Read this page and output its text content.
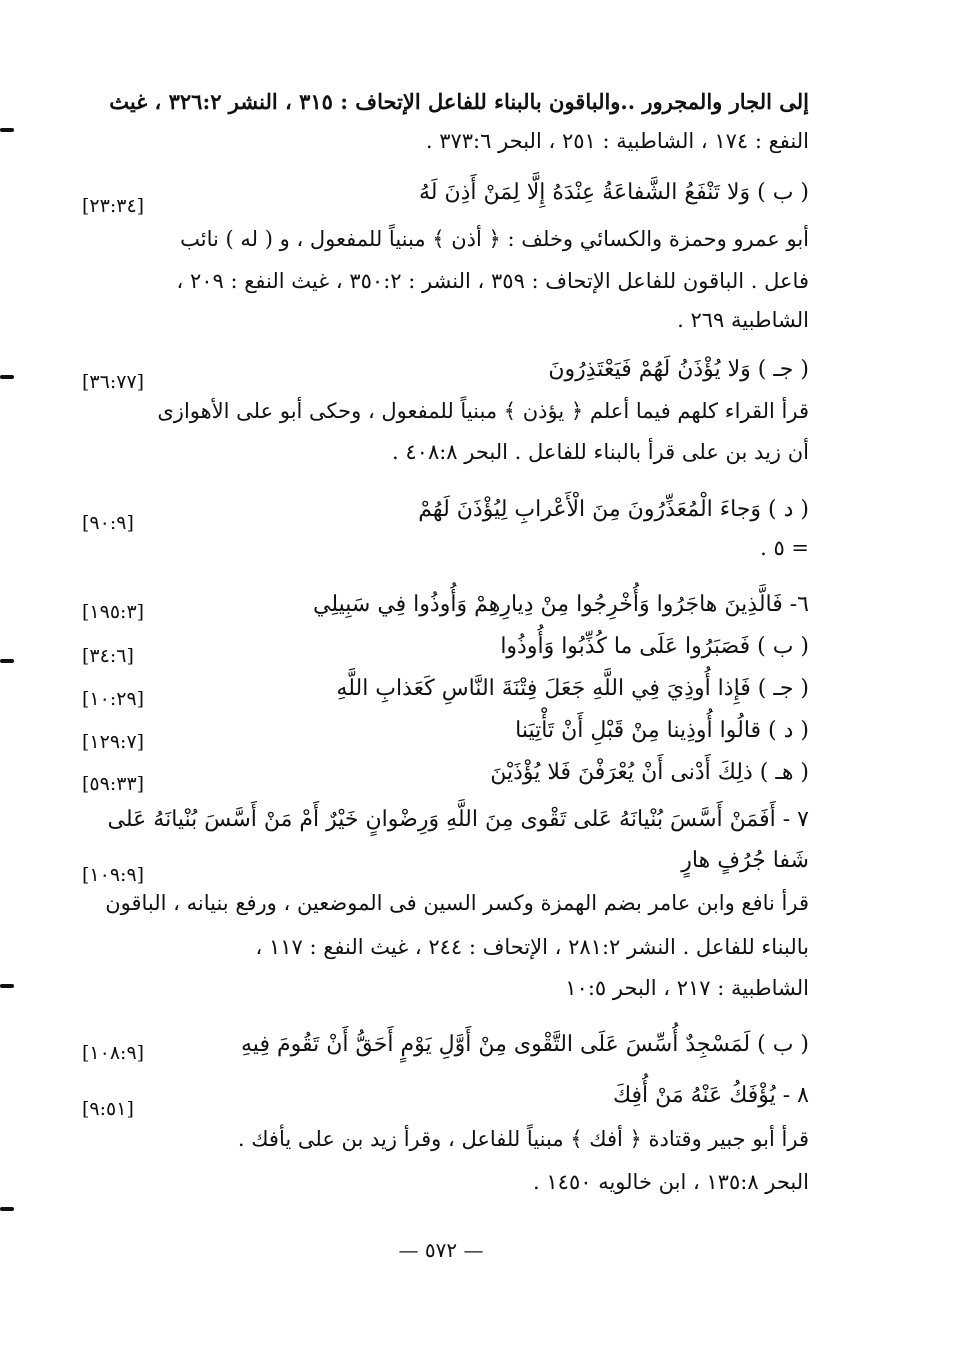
إلى الجار والمجرور ..والباقون بالبناء للفاعل الإتحاف : ٣١٥ ، النشر ٣٢٦:٢ ، غيث
النفع : ١٧٤ ، الشاطبية : ٢٥١ ، البحر ٣٧٣:٦ .
( ب ) وَلا تَنْفَعُ الشَّفاعَةُ عِنْدَهُ إِلَّا لِمَنْ أَذِنَ لَهُ
[٢٣:٣٤]
أبو عمرو وحمزة والكسائي وخلف : ﴿ أذن ﴾ مبنياً للمفعول ، و ( له ) نائب
فاعل . الباقون للفاعل الإتحاف : ٣٥٩ ، النشر : ٣٥٠:٢ ، غيث النفع : ٢٠٩ ،
الشاطبية ٢٦٩ .
( جـ ) وَلا يُؤْذَنُ لَهُمْ فَيَعْتَذِرُونَ
[٣٦:٧٧]
قرأ القراء كلهم فيما أعلم ﴿ يؤذن ﴾ مبنياً للمفعول ، وحكى أبو على الأهوازى
أن زيد بن على قرأ بالبناء للفاعل . البحر ٤٠٨:٨ .
( د ) وَجاءَ الْمُعَذِّرُونَ مِنَ الْأَعْرابِ لِيُؤْذَنَ لَهُمْ
[٩٠:٩]
= ٥ .
٦- فَالَّذِينَ هاجَرُوا وَأُخْرِجُوا مِنْ دِيارِهِمْ وَأُوذُوا فِي سَبِيلِي
[١٩٥:٣]
( ب ) فَصَبَرُوا عَلَى ما كُذِّبُوا وَأُوذُوا
[٣٤:٦]
( جـ ) فَإِذا أُوذِيَ فِي اللَّهِ جَعَلَ فِتْنَةَ النَّاسِ كَعَذابِ اللَّهِ
[١٠:٢٩]
( د ) قالُوا أُوذِينا مِنْ قَبْلِ أَنْ تَأْتِيَنا
[١٢٩:٧]
( هـ ) ذلِكَ أَدْنى أَنْ يُعْرَفْنَ فَلا يُؤْذَيْنَ
[٥٩:٣٣]
٧ - أَفَمَنْ أَسَّسَ بُنْيانَهُ عَلى تَقْوى مِنَ اللَّهِ وَرِضْوانٍ خَيْرٌ أَمْ مَنْ أَسَّسَ بُنْيانَهُ عَلى
شَفا جُرُفٍ هارٍ
[١٠٩:٩]
قرأ نافع وابن عامر بضم الهمزة وكسر السين فى الموضعين ، ورفع بنيانه ، الباقون
بالبناء للفاعل . النشر ٢٨١:٢ ، الإتحاف : ٢٤٤ ، غيث النفع : ١١٧ ،
الشاطبية : ٢١٧ ، البحر ١٠:٥
( ب ) لَمَسْجِدٌ أُسِّسَ عَلَى التَّقْوى مِنْ أَوَّلِ يَوْمٍ أَحَقُّ أَنْ تَقُومَ فِيهِ
[١٠٨:٩]
٨ - يُؤْفَكُ عَنْهُ مَنْ أُفِكَ
[٩:٥١]
قرأ أبو جبير وقتادة ﴿ أفك ﴾ مبنياً للفاعل ، وقرأ زيد بن على يأفك .
البحر ١٣٥:٨ ، ابن خالويه ١٤٥٠ .
— ٥٧٢ —
